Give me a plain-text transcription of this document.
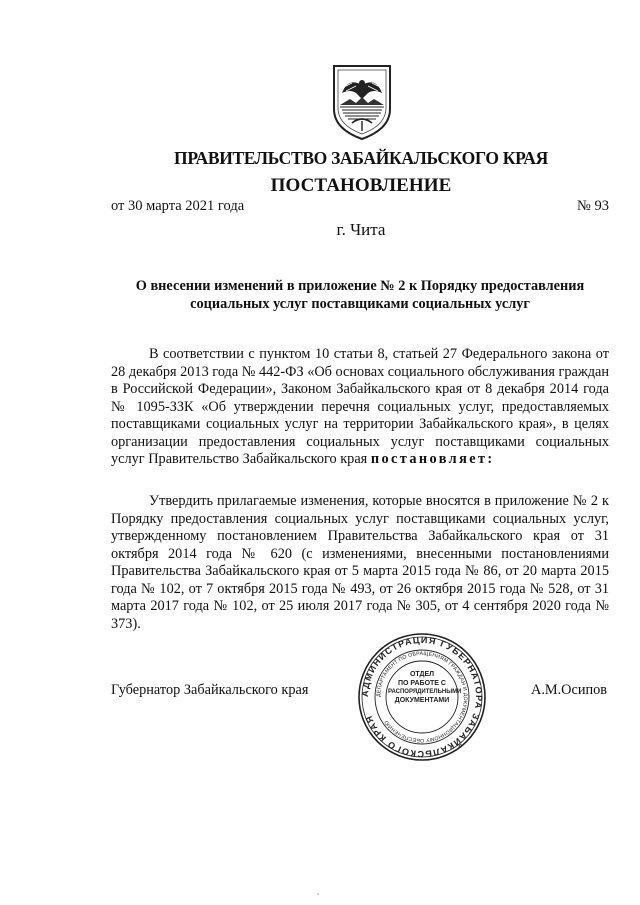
ПРАВИТЕЛЬСТВО ЗАБАЙКАЛЬСКОГО КРАЯ
ПОСТАНОВЛЕНИЕ
от 30 марта 2021 года	№ 93
г. Чита

О внесении изменений в приложение № 2 к Порядку предоставления
социальных услуг поставщиками социальных услуг

В соответствии с пунктом 10 статьи 8, статьей 27 Федерального закона от 28 декабря 2013 года № 442-ФЗ «Об основах социального обслуживания граждан в Российской Федерации», Законом Забайкальского края от 8 декабря 2014 года № 1095-ЗЗК «Об утверждении перечня социальных услуг, предоставляемых поставщиками социальных услуг на территории Забайкальского края», в целях организации предоставления социальных услуг поставщиками социальных услуг Правительство Забайкальского края постановляет:

Утвердить прилагаемые изменения, которые вносятся в приложение № 2 к Порядку предоставления социальных услуг поставщиками социальных услуг, утвержденному постановлением Правительства Забайкальского края от 31 октября 2014 года № 620 (с изменениями, внесенными постановлениями Правительства Забайкальского края от 5 марта 2015 года № 86, от 20 марта 2015 года № 102, от 7 октября 2015 года № 493, от 26 октября 2015 года № 528, от 31 марта 2017 года № 102, от 25 июля 2017 года № 305, от 4 сентября 2020 года № 373).

Губернатор Забайкальского края	А.М.Осипов
АДМИНИСТРАЦИЯ ГУБЕРНАТОРА ЗАБАЙКАЛЬСКОГО КРАЯ
ДЕПАРТАМЕНТ ПО ОБРАЩЕНИЯМ ГРАЖДАН И ДОКУМЕНТАЦИОННОМУ ОБЕСПЕЧЕНИЮ
ОТДЕЛ
ПО РАБОТЕ С
РАСПОРЯДИТЕЛЬНЫМИ
ДОКУМЕНТАМИ
